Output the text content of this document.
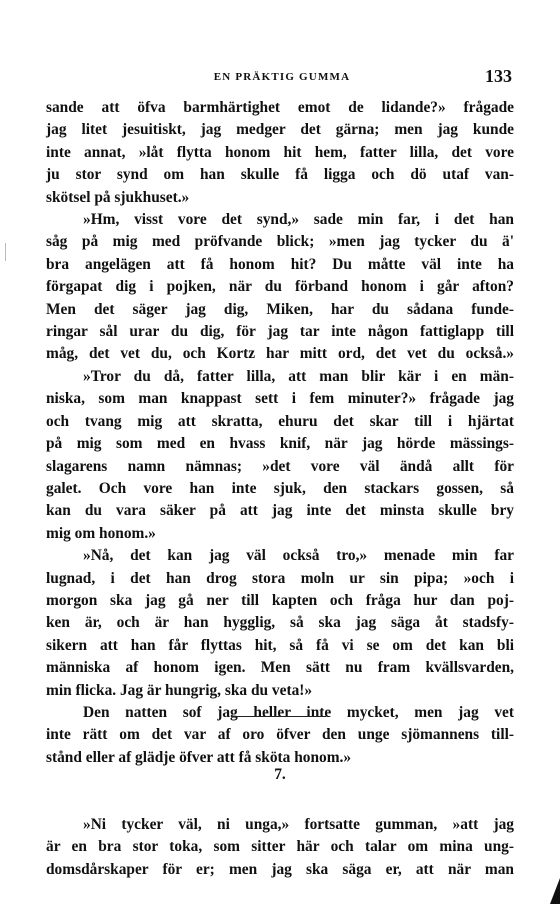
EN PRÄKTIG GUMMA	133
sande att öfva barmhärtighet emot de lidande?» frågade
jag litet jesuitiskt, jag medger det gärna; men jag kunde
inte annat, »låt flytta honom hit hem, fatter lilla, det vore
ju stor synd om han skulle få ligga och dö utaf van-
skötsel på sjukhuset.»
»Hm, visst vore det synd,» sade min far, i det han
såg på mig med pröfvande blick; »men jag tycker du ä'
bra angelägen att få honom hit? Du måtte väl inte ha
förgapat dig i pojken, när du förband honom i går afton?
Men det säger jag dig, Miken, har du sådana funde-
ringar sål urar du dig, för jag tar inte någon fattiglapp till
måg, det vet du, och Kortz har mitt ord, det vet du också.»
»Tror du då, fatter lilla, att man blir kär i en män-
niska, som man knappast sett i fem minuter?» frågade jag
och tvang mig att skratta, ehuru det skar till i hjärtat
på mig som med en hvass knif, när jag hörde mässings-
slagarens namn nämnas; »det vore väl ändå allt för
galet. Och vore han inte sjuk, den stackars gossen, så
kan du vara säker på att jag inte det minsta skulle bry
mig om honom.»
»Nå, det kan jag väl också tro,» menade min far
lugnad, i det han drog stora moln ur sin pipa; »och i
morgon ska jag gå ner till kapten och fråga hur dan poj-
ken är, och är han hygglig, så ska jag säga åt stadsfy-
sikern att han får flyttas hit, så få vi se om det kan bli
människa af honom igen. Men sätt nu fram kvällsvarden,
min flicka. Jag är hungrig, ska du veta!»
Den natten sof jag heller inte mycket, men jag vet
inte rätt om det var af oro öfver den unge sjömannens till-
stånd eller af glädje öfver att få sköta honom.»
7.
»Ni tycker väl, ni unga,» fortsatte gumman, »att jag
är en bra stor toka, som sitter här och talar om mina ung-
domsdårskaper för er; men jag ska säga er, att när man
